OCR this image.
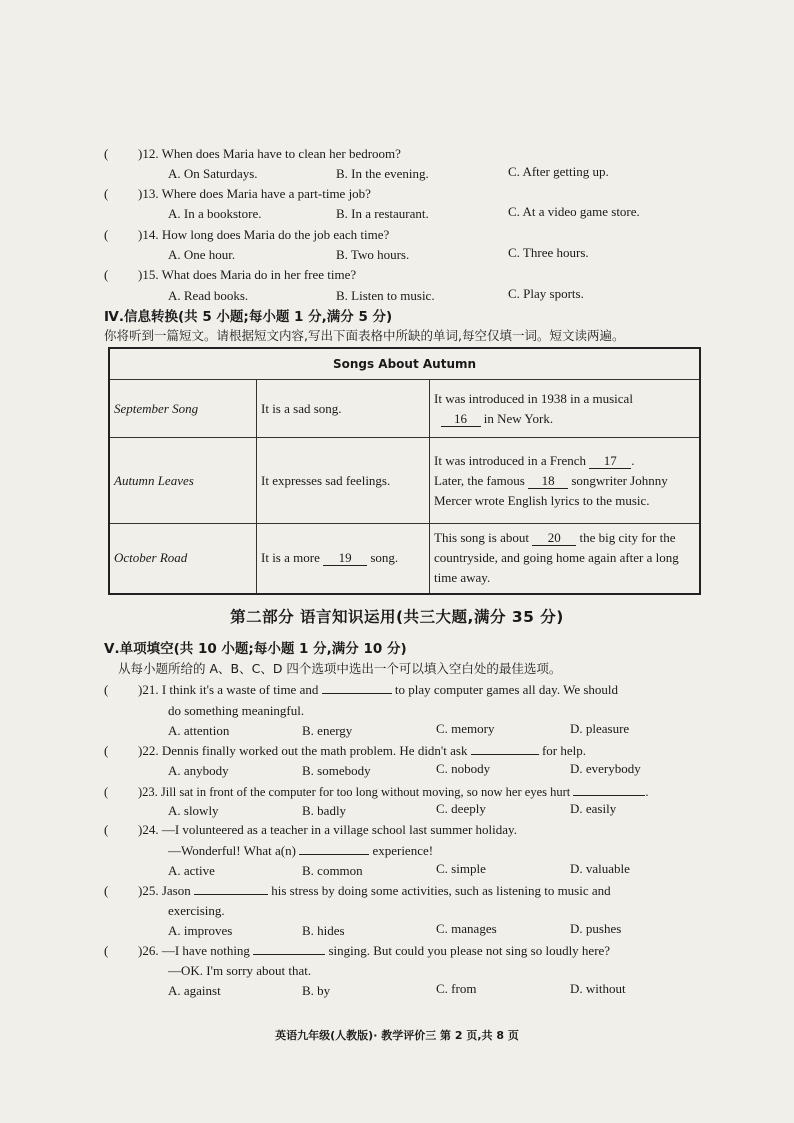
( )12. When does Maria have to clean her bedroom?
A. On Saturdays.	B. In the evening.	C. After getting up.
( )13. Where does Maria have a part-time job?
A. In a bookstore.	B. In a restaurant.	C. At a video game store.
( )14. How long does Maria do the job each time?
A. One hour.	B. Two hours.	C. Three hours.
( )15. What does Maria do in her free time?
A. Read books.	B. Listen to music.	C. Play sports.
Ⅳ.信息转换(共 5 小题;每小题 1 分,满分 5 分)
你将听到一篇短文。请根据短文内容,写出下面表格中所缺的单词,每空仅填一词。短文读两遍。
Songs About Autumn		
September Song	It is a sad song.	It was introduced in 1938 in a musical
16 in New York.
Autumn Leaves	It expresses sad feelings.	It was introduced in a French 17 .
Later, the famous 18 songwriter Johnny Mercer wrote English lyrics to the music.
October Road	It is a more 19 song.	This song is about 20 the big city for the countryside, and going home again after a long time away.
第二部分 语言知识运用(共三大题,满分 35 分)
Ⅴ.单项填空(共 10 小题;每小题 1 分,满分 10 分)
从每小题所给的 A、B、C、D 四个选项中选出一个可以填入空白处的最佳选项。
( )21. I think it's a waste of time and	to play computer games all day. We should
do something meaningful.
A. attention	B. energy	C. memory	D. pleasure
( )22. Dennis finally worked out the math problem. He didn't ask	for help.
A. anybody	B. somebody	C. nobody	D. everybody
( )23. Jill sat in front of the computer for too long without moving, so now her eyes hurt	.
A. slowly	B. badly	C. deeply	D. easily
( )24. —I volunteered as a teacher in a village school last summer holiday.
—Wonderful! What a(n)	experience!
A. active	B. common	C. simple	D. valuable
( )25. Jason	his stress by doing some activities, such as listening to music and
exercising.
A. improves	B. hides	C. manages	D. pushes
( )26. —I have nothing	singing. But could you please not sing so loudly here?
—OK. I'm sorry about that.
A. against	B. by	C. from	D. without
英语九年级(人教版)· 教学评价三 第 2 页,共 8 页
